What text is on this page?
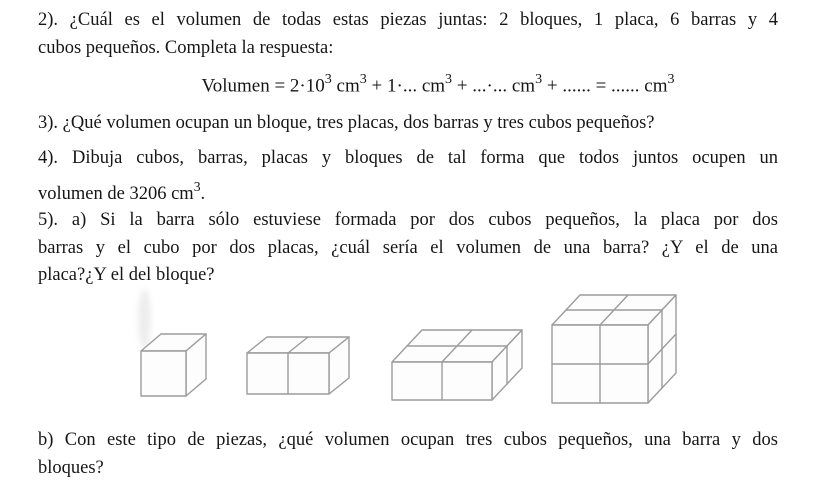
2). ¿Cuál es el volumen de todas estas piezas juntas: 2 bloques, 1 placa, 6 barras y 4
cubos pequeños. Completa la respuesta:
Volumen = $2\cdot 10^3$ $cm^3 + 1\cdot$... $cm^3$ + ...·... $cm^3$ + ...... = ...... $cm^3$
3). ¿Qué volumen ocupan un bloque, tres placas, dos barras y tres cubos pequeños?
4). Dibuja cubos, barras, placas y bloques de tal forma que todos juntos ocupen un
volumen de 3206 $cm^3$.
5). a) Si la barra sólo estuviese formada por dos cubos pequeños, la placa por dos
barras y el cubo por dos placas, ¿cuál sería el volumen de una barra? ¿Y el de una
placa?¿Y el del bloque?
b) Con este tipo de piezas, ¿qué volumen ocupan tres cubos pequeños, una barra y dos
bloques?
